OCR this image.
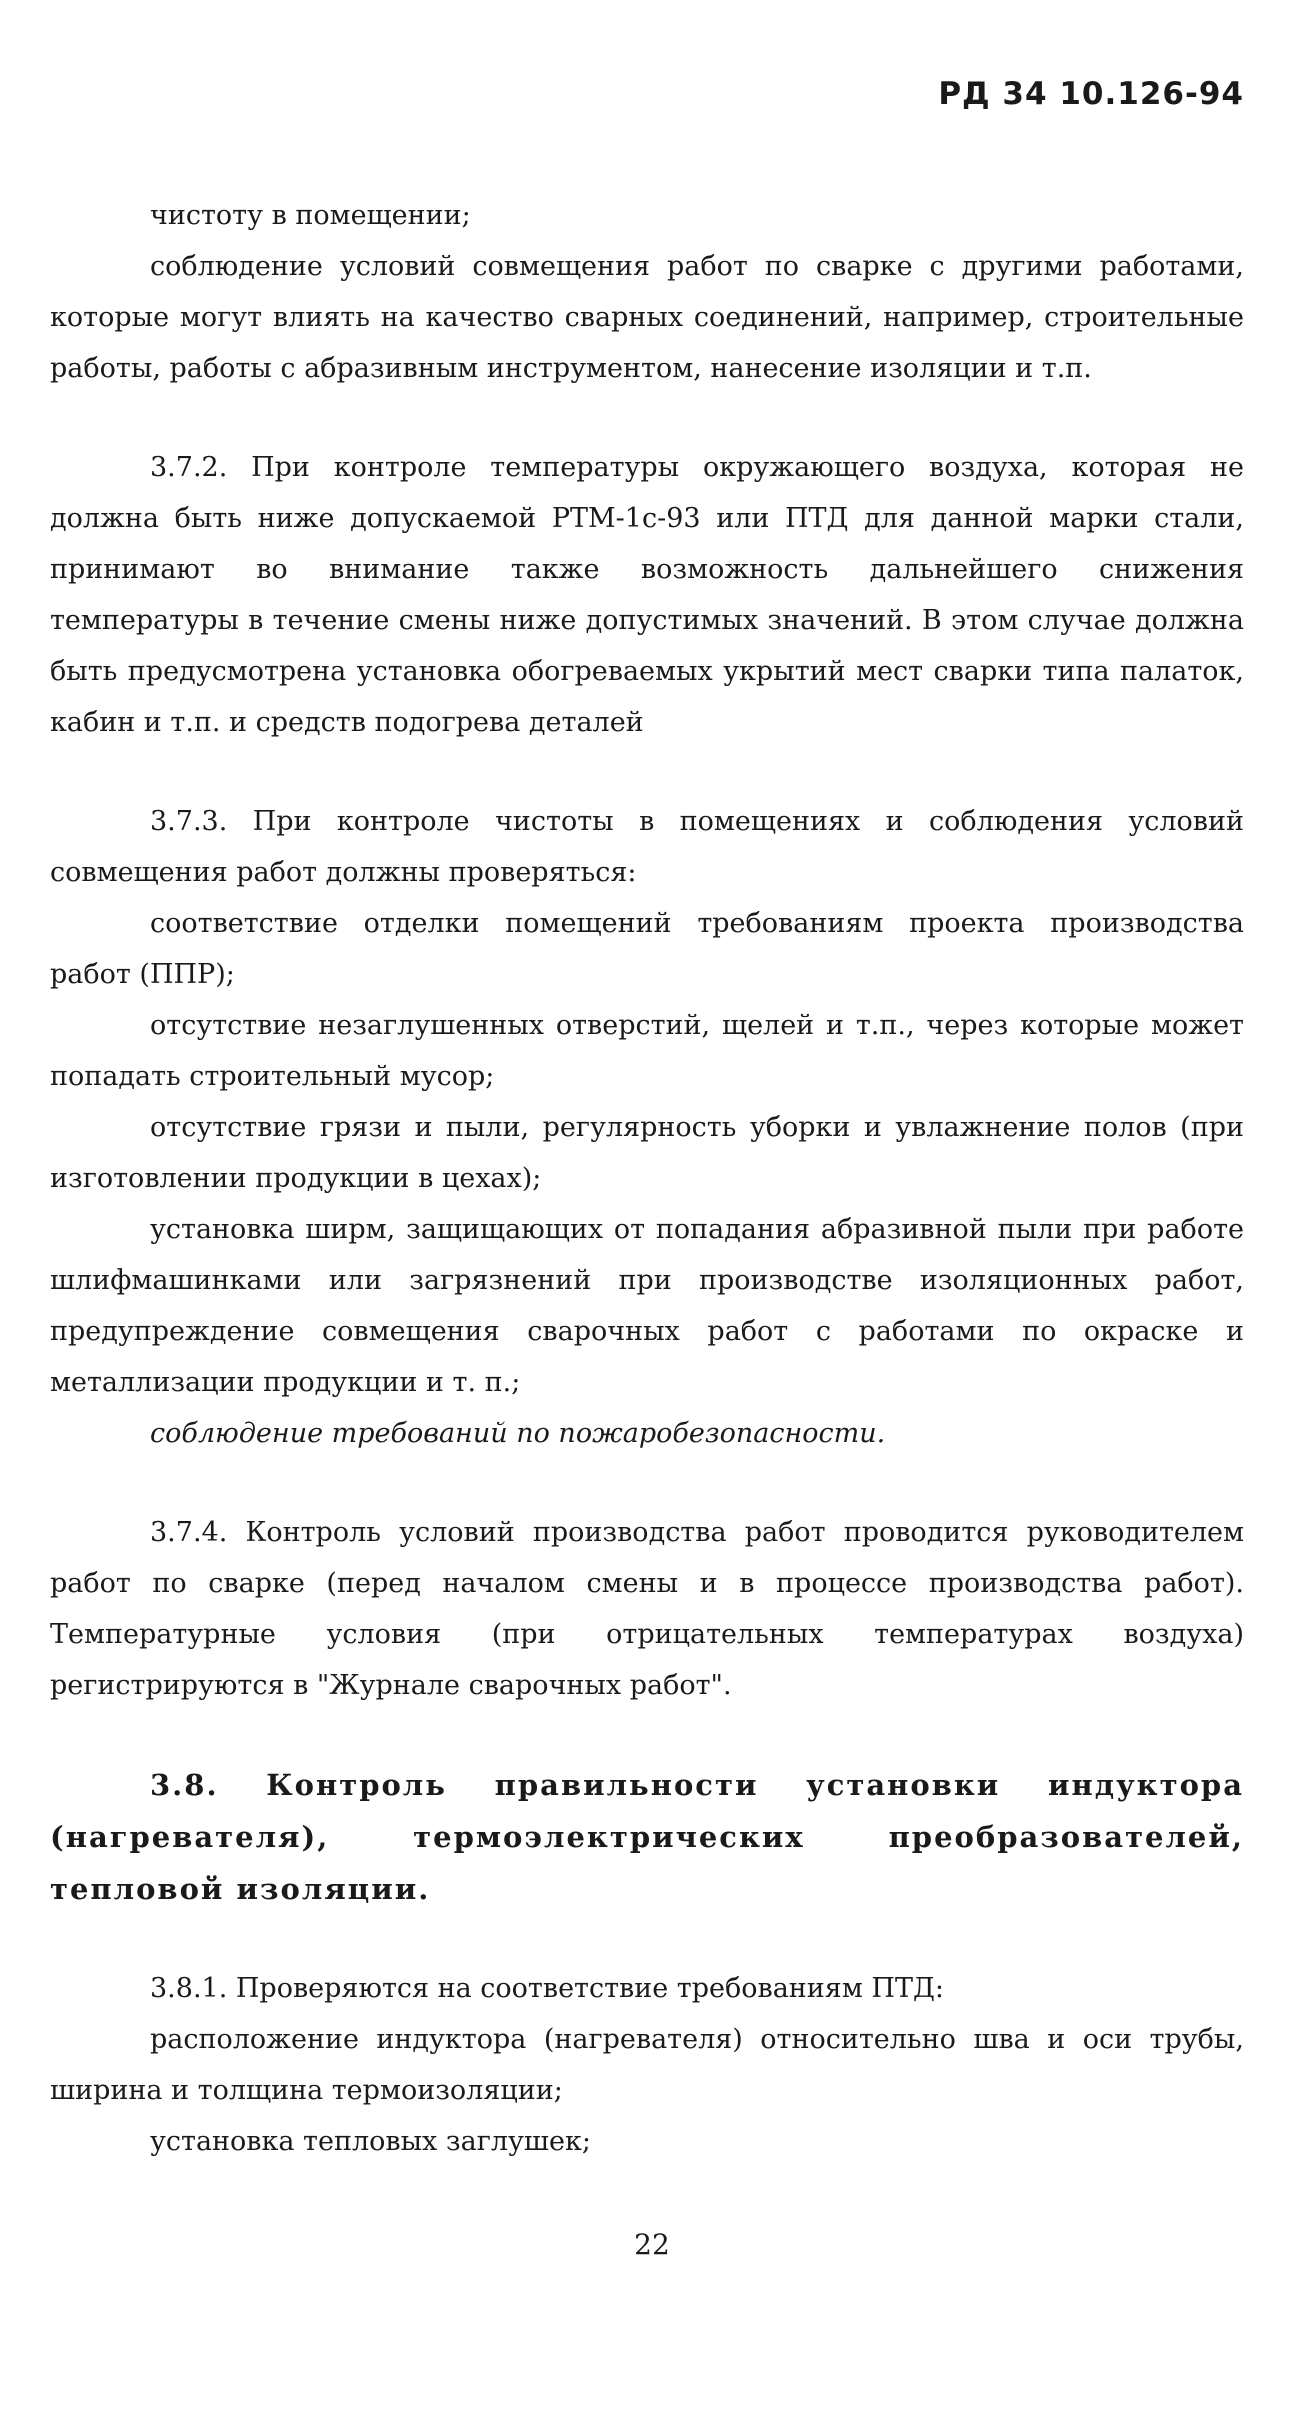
РД 34 10.126-94

чистоту в помещении;

соблюдение условий совмещения работ по сварке с другими работами, которые могут влиять на качество сварных соединений, например, строительные работы, работы с абразивным инструментом, нанесение изоляции и т.п.

3.7.2. При контроле температуры окружающего воздуха, которая не должна быть ниже допускаемой РТМ-1с-93 или ПТД для данной марки стали, принимают во внимание также возможность дальнейшего снижения температуры в течение смены ниже допустимых значений. В этом случае должна быть предусмотрена установка обогреваемых укрытий мест сварки типа палаток, кабин и т.п. и средств подогрева деталей

3.7.3. При контроле чистоты в помещениях и соблюдения условий совмещения работ должны проверяться:

соответствие отделки помещений требованиям проекта производства работ (ППР);

отсутствие незаглушенных отверстий, щелей и т.п., через которые может попадать строительный мусор;

отсутствие грязи и пыли, регулярность уборки и увлажнение полов (при изготовлении продукции в цехах);

установка ширм, защищающих от попадания абразивной пыли при работе шлифмашинками или загрязнений при производстве изоляционных работ, предупреждение совмещения сварочных работ с работами по окраске и металлизации продукции и т. п.;

соблюдение требований по пожаробезопасности.

3.7.4. Контроль условий производства работ проводится руководителем работ по сварке (перед началом смены и в процессе производства работ). Температурные условия (при отрицательных температурах воздуха) регистрируются в "Журнале сварочных работ".

3.8. Контроль правильности установки индуктора (нагревателя), термоэлектрических преобразователей, тепловой изоляции.

3.8.1. Проверяются на соответствие требованиям ПТД:

расположение индуктора (нагревателя) относительно шва и оси трубы, ширина и толщина термоизоляции;

установка тепловых заглушек;

22
